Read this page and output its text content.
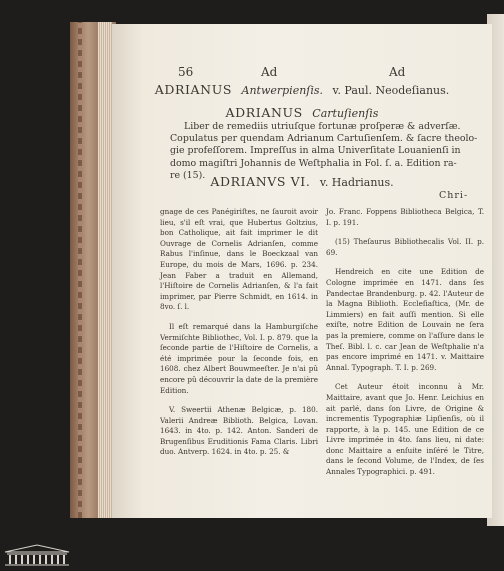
56	Ad	Ad
ADRIANUS Antwerpienſis. v. Paul. Neodeſianus.
ADRIANUS Cartuſienſis
Liber de remediis utriuſque fortunæ proſperæ & adverſæ.
Copulatus per quendam Adrianum Cartuſienſem. & ſacre theolo-
gie profeſſorem. Impreſſus in alma Univerſitate Louanienſi in
domo magiſtri Johannis de Weſtphalia in Fol. ſ. a. Edition ra-
re (15). ADRIANVS VI. v. Hadrianus.
Chri-

gnage de ces Panégiriſtes, ne ſauroit avoir lieu, s'il eſt vrai, que Hubertus Goltzius, bon Catholique, ait fait imprimer le dit Ouvrage de Cornelis Adrianſen, comme Rabus l'inſinue, dans le Boeckzaal van Europe, du mois de Mars, 1696. p. 234. Jean Faber a traduit en Allemand, l'Hiſtoire de Cornelis Adrianſen, & l'a fait imprimer, par Pierre Schmidt, en 1614. in 8vo. ſ. l.

Il eſt remarqué dans la Hamburgiſche Vermiſchte Bibliothec, Vol. I. p. 879. que la ſeconde partie de l'Hiſtoire de Cornelis, a été imprimée pour la ſeconde fois, en 1608. chez Albert Bouwmeeſter. Je n'ai pû encore pû découvrir la date de la première Edition.

V. Sweertii Athenæ Belgicæ, p. 180. Valerii Andreæ Biblioth. Belgica, Lovan. 1643. in 4to. p. 142. Anton. Sanderi de Brugenſibus Eruditionis Fama Claris. Libri duo. Antverp. 1624. in 4to. p. 25. &

Jo. Franc. Foppens Bibliotheca Belgica, T. I. p. 191.

(15) Theſaurus Bibliothecalis Vol. II. p. 69.

Hendreich en cite une Edition de Cologne imprimée en 1471. dans ſes Pandectae Brandenburg. p. 42. l'Auteur de la Magna Biblioth. Eccleſiaſtica, (Mr. de Limmiers) en fait auſſi mention. Si elle exiſte, notre Edition de Louvain ne ſera pas la premiere, comme on l'aſſure dans le Theſ. Bibl. l. c. car Jean de Weſtphalie n'a pas encore imprimé en 1471. v. Maittaire Annal. Typograph. T. I. p. 269.

Cet Auteur étoit inconnu à Mr. Maittaire, avant que Jo. Henr. Leichius en ait parlé, dans ſon Livre, de Origine & incrementis Typographiæ Lipſienſis, où il rapporte, à la p. 145. une Edition de ce Livre imprimée in 4to. ſans lieu, ni date: donc Maittaire a enſuite inſéré le Titre, dans le ſecond Volume, de l'Index, de ſes Annales Typographici. p. 491.
